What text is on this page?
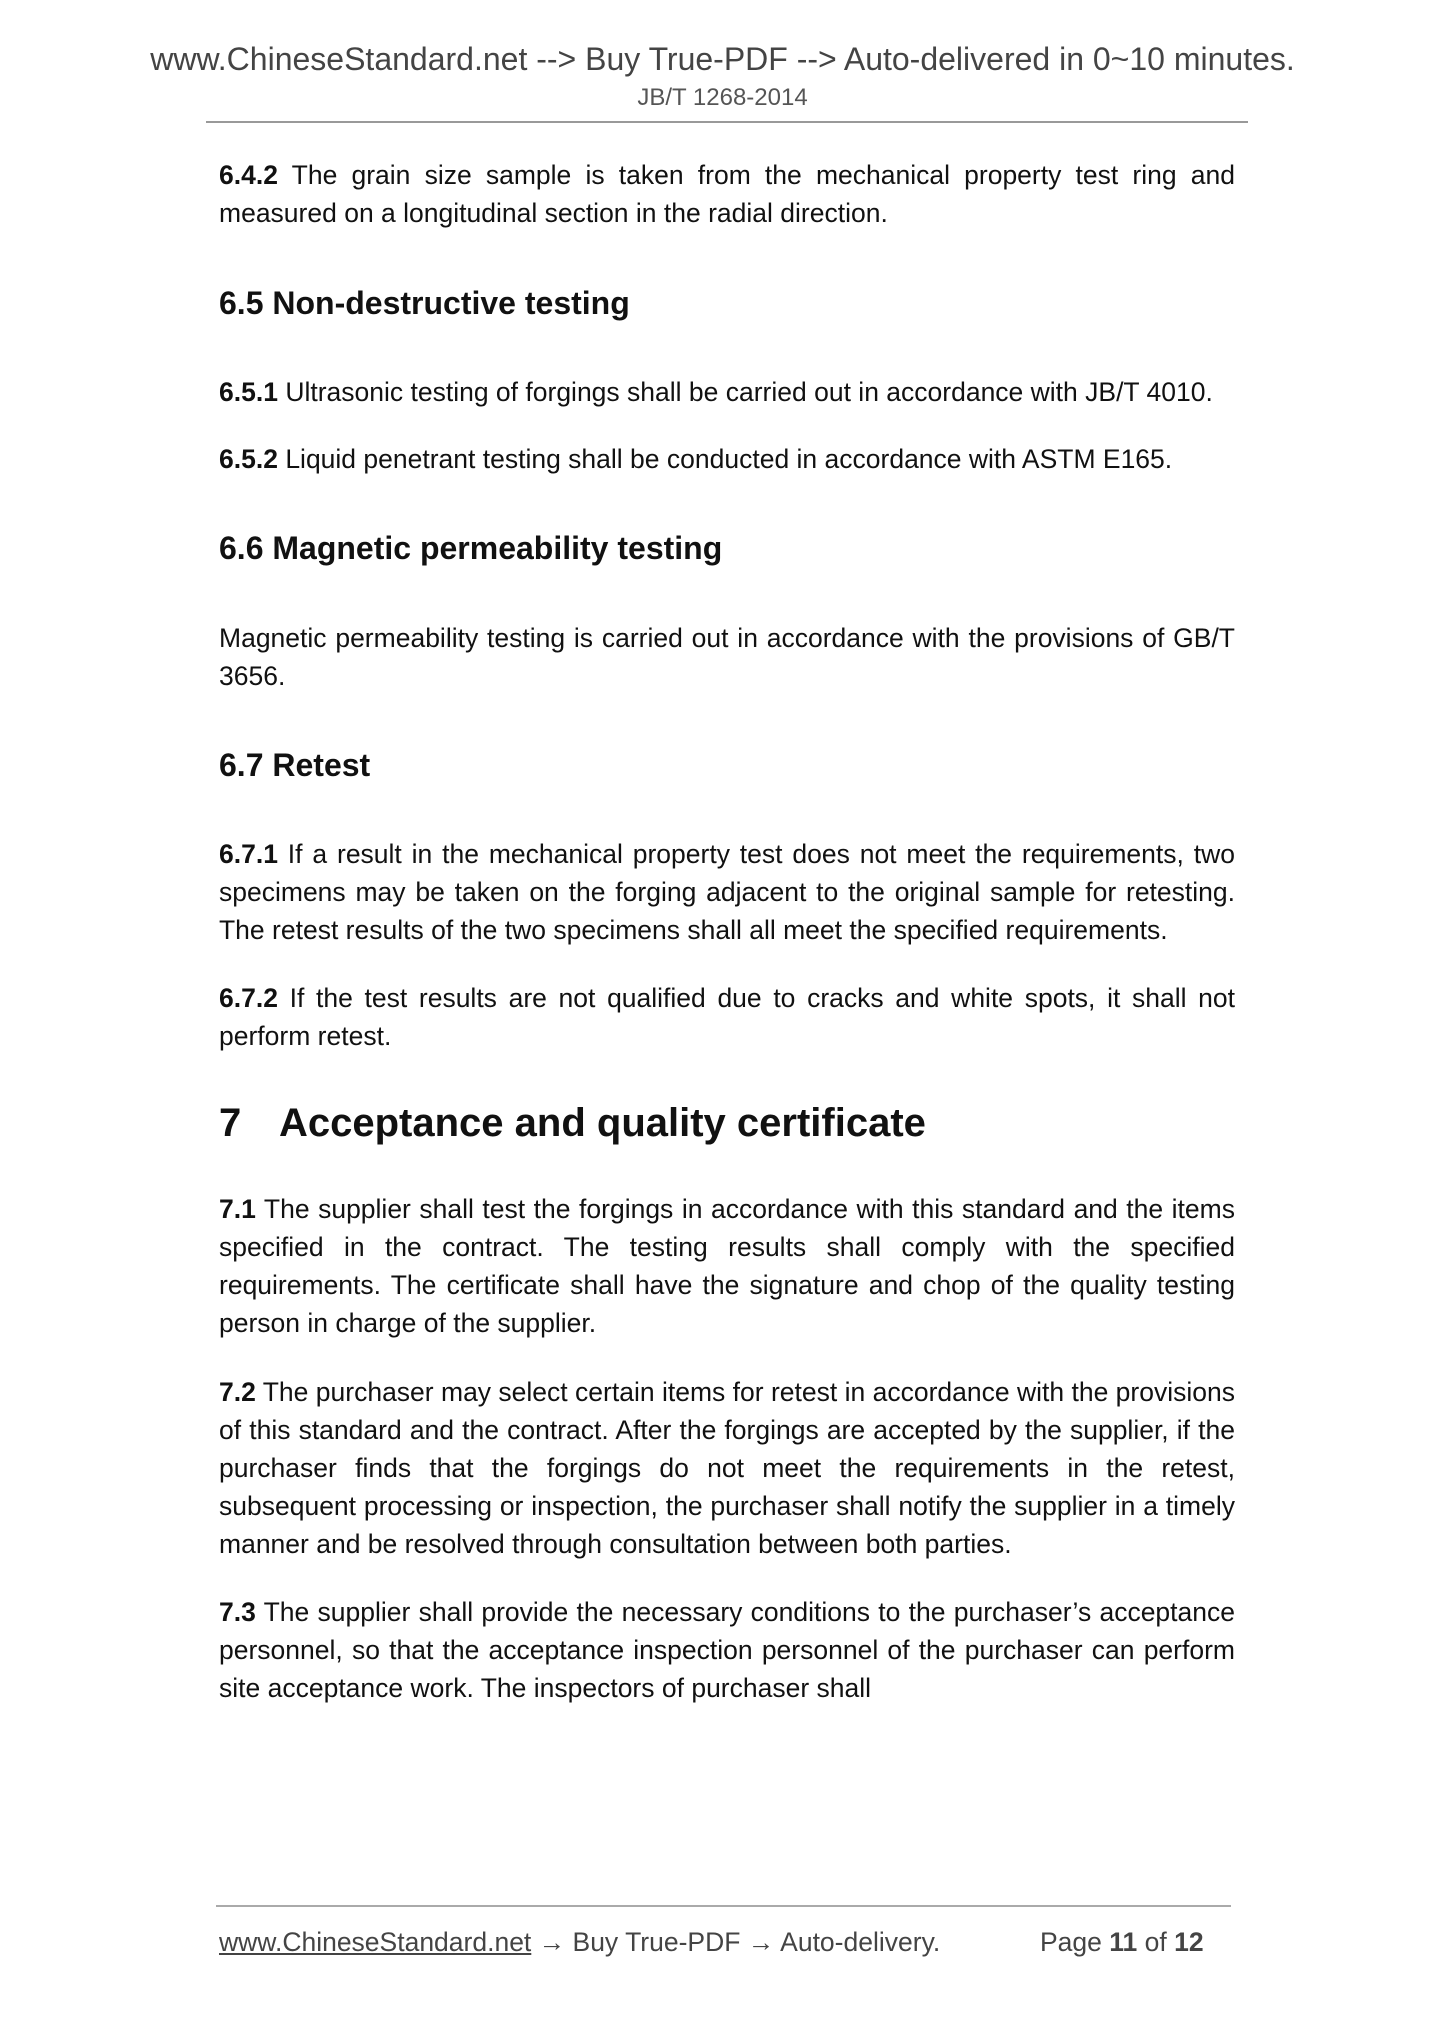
www.ChineseStandard.net --> Buy True-PDF --> Auto-delivered in 0~10 minutes.
JB/T 1268-2014

6.4.2 The grain size sample is taken from the mechanical property test ring and measured on a longitudinal section in the radial direction.

6.5 Non-destructive testing

6.5.1 Ultrasonic testing of forgings shall be carried out in accordance with JB/T 4010.

6.5.2 Liquid penetrant testing shall be conducted in accordance with ASTM E165.

6.6 Magnetic permeability testing

Magnetic permeability testing is carried out in accordance with the provisions of GB/T 3656.

6.7 Retest

6.7.1 If a result in the mechanical property test does not meet the requirements, two specimens may be taken on the forging adjacent to the original sample for retesting. The retest results of the two specimens shall all meet the specified requirements.

6.7.2 If the test results are not qualified due to cracks and white spots, it shall not perform retest.

7 Acceptance and quality certificate

7.1 The supplier shall test the forgings in accordance with this standard and the items specified in the contract. The testing results shall comply with the specified requirements. The certificate shall have the signature and chop of the quality testing person in charge of the supplier.

7.2 The purchaser may select certain items for retest in accordance with the provisions of this standard and the contract. After the forgings are accepted by the supplier, if the purchaser finds that the forgings do not meet the requirements in the retest, subsequent processing or inspection, the purchaser shall notify the supplier in a timely manner and be resolved through consultation between both parties.

7.3 The supplier shall provide the necessary conditions to the purchaser’s acceptance personnel, so that the acceptance inspection personnel of the purchaser can perform site acceptance work. The inspectors of purchaser shall

www.ChineseStandard.net → Buy True-PDF → Auto-delivery.	Page 11 of 12
